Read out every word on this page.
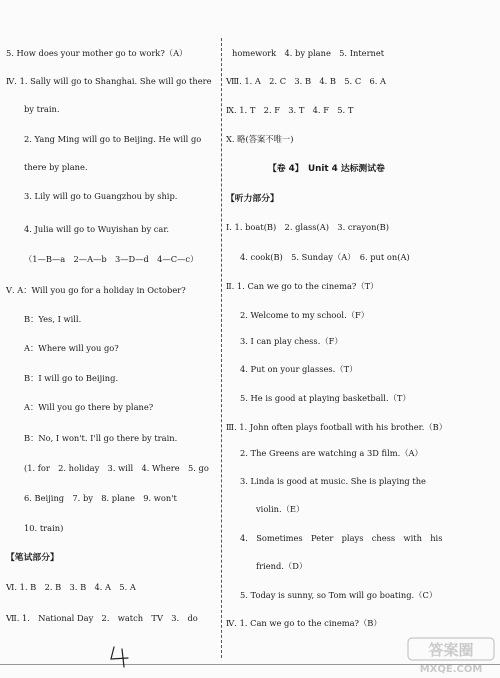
5. How does your mother go to work?（A）
Ⅳ. 1. Sally will go to Shanghai. She will go there
by train.
2. Yang Ming will go to Beijing. He will go
there by plane.
3. Lily will go to Guangzhou by ship.
4. Julia will go to Wuyishan by car.
（1—B—a　2—A—b　3—D—d　4—C—c）
Ⅴ. A：Will you go for a holiday in October?
B：Yes, I will.
A：Where will you go?
B：I will go to Beijing.
A：Will you go there by plane?
B：No, I won't. I'll go there by train.
(1. for　2. holiday　3. will　4. Where　5. go
6. Beijing　7. by　8. plane　9. won't
10. train)
【笔试部分】
Ⅵ. 1. B　2. B　3. B　4. A　5. A
Ⅶ. 1.　National Day　2.　watch　TV　3.　do
homework　4. by plane　5. Internet
Ⅷ. 1. A　2. C　3. B　4. B　5. C　6. A
Ⅸ. 1. T　2. F　3. T　4. F　5. T
Ⅹ. 略(答案不唯一)
【卷 4】　Unit 4 达标测试卷
【听力部分】
Ⅰ. 1. boat(B)　2. glass(A)　3. crayon(B)
4. cook(B)　5. Sunday（A）　6. put on(A)
Ⅱ. 1. Can we go to the cinema?（T）
2. Welcome to my school.（F）
3. I can play chess.（F）
4. Put on your glasses.（T）
5. He is good at playing basketball.（T）
Ⅲ. 1. John often plays football with his brother.（B）
2. The Greens are watching a 3D film.（A）
3. Linda is good at music. She is playing the
violin.（E）
4.　Sometimes　Peter　plays　chess　with　his
friend.（D）
5. Today is sunny, so Tom will go boating.（C）
Ⅳ. 1. Can we go to the cinema?（B）
4	答案圈
MXQE.COM
